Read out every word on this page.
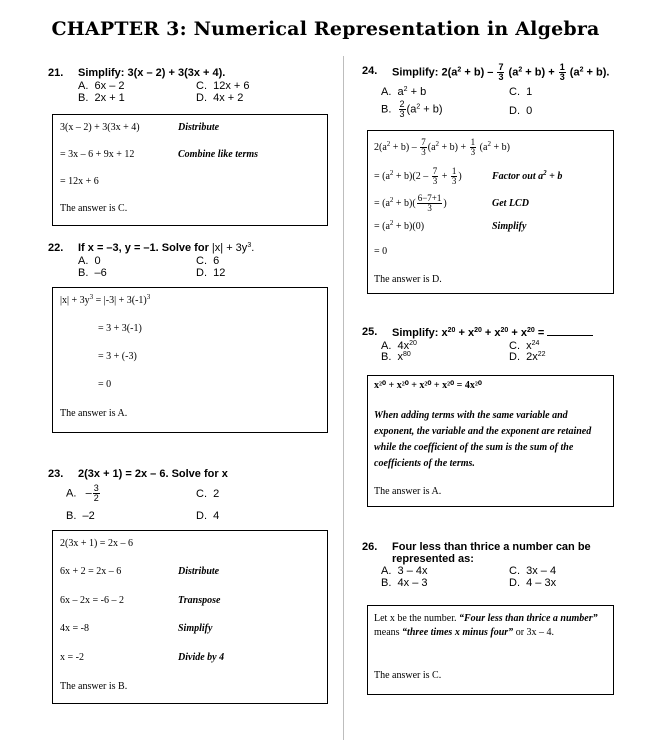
CHAPTER 3: Numerical Representation in Algebra
21. Simplify: 3(x – 2) + 3(3x + 4).
A. 6x – 2
B. 2x + 1
C. 12x + 6
D. 4x + 2
3(x – 2) + 3(3x + 4)	Distribute
= 3x – 6 + 9x + 12	Combine like terms
= 12x + 6
The answer is C.
22. If x = –3, y = –1. Solve for $|x| + 3y^3$.
A. 0
B. –6
C. 6
D. 12
$|x| + 3y^3 = |-3| + 3(-1)^3$
= 3 + 3(-1)
= 3 + (-3)
= 0
The answer is A.
23. 2(3x + 1) = 2x – 6. Solve for x
A. – $\frac{3}{2}$
B. –2
C. 2
D. 4
2(3x + 1) = 2x – 6
6x + 2 = 2x – 6	Distribute
6x – 2x = -6 – 2	Transpose
4x = -8	Simplify
x = -2	Divide by 4
The answer is B.
24. Simplify: $2(a^2 + b) - \frac{7}{3} (a^2 + b) + \frac{1}{3} (a^2 + b)$.
A. $a^2 + b$
B. $\frac{2}{3} (a^2 + b)$
C. 1
D. 0
$2(a^2 + b) - \frac{7}{3} (a^2 + b) + \frac{1}{3} (a^2 + b)$
= $(a^2 + b)(2 - \frac{7}{3} + \frac{1}{3}$ )	Factor out $a^2 + b$
= $(a^2 + b)( \frac{6-7+1}{3}$ )	Get LCD
= $(a^2 + b)(0)$	Simplify
= 0
The answer is D.
25. Simplify: $x^{20} + x^{20} + x^{20} + x^{20}$ =
A. $4x^{20}$
B. $x^{80}$
C. $x^{24}$
D. $2x^{22}$
x²⁰ + x²⁰ + x²⁰ + x²⁰ = 4x²⁰
When adding terms with the same variable and exponent, the variable and the exponent are retained while the coefficient of the sum is the sum of the coefficients of the terms.
The answer is A.
26. Four less than thrice a number can be
represented as:
A. 3 – 4x
B. 4x – 3
C. 3x – 4
D. 4 – 3x
Let x be the number. “Four less than thrice a number” means “three times x minus four” or 3x – 4.
The answer is C.
